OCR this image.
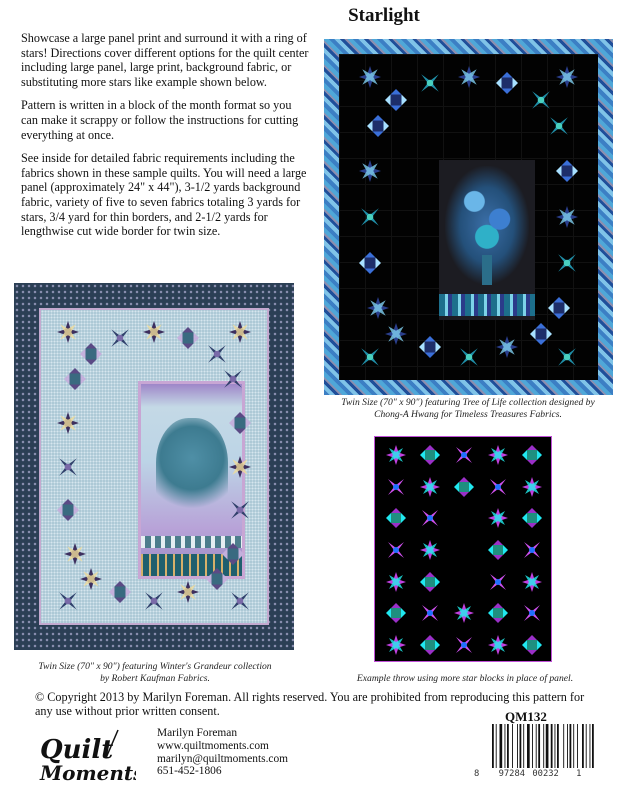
Starlight

Showcase a large panel print and surround it with a ring of stars! Directions cover different options for the quilt center including large panel, large print, background fabric, or substituting more stars like example shown below.

Pattern is written in a block of the month format so you can make it scrappy or follow the instructions for cutting everything at once.

See inside for detailed fabric requirements including the fabrics shown in these sample quilts. You will need a large panel (approximately 24" x 44"), 3-1/2 yards background fabric, variety of five to seven fabrics totaling 3 yards for stars, 3/4 yard for thin borders, and 2-1/2 yards for lengthwise cut wide border for twin size.

Twin Size (70" x 90") featuring Tree of Life collection designed by
Chong-A Hwang for Timeless Treasures Fabrics.
Twin Size (70" x 90") featuring Winter's Grandeur collection
by Robert Kaufman Fabrics.	Example throw using more star blocks in place of panel.
© Copyright 2013 by Marilyn Foreman. All rights reserved. You are prohibited from reproducing this pattern for any use without prior written consent.
Quilt
Moments
Marilyn Foreman
www.quiltmoments.com
marilyn@quiltmoments.com
651-452-1806
QM132
8 97284 00232 1
